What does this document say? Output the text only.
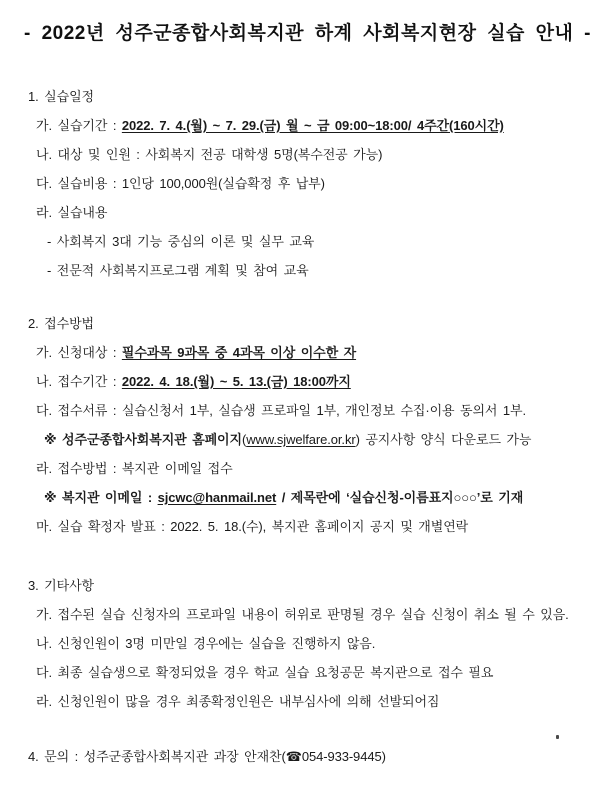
- 2022년 성주군종합사회복지관 하계 사회복지현장 실습 안내 -
1. 실습일정
가. 실습기간 : 2022. 7. 4.(월) ~ 7. 29.(금) 월 ~ 금 09:00~18:00/ 4주간(160시간)
나. 대상 및 인원 : 사회복지 전공 대학생 5명(복수전공 가능)
다. 실습비용 : 1인당 100,000원(실습확정 후 납부)
라. 실습내용
- 사회복지 3대 기능 중심의 이론 및 실무 교육
- 전문적 사회복지프로그램 계획 및 참여 교육
2. 접수방법
가. 신청대상 : 필수과목 9과목 중 4과목 이상 이수한 자
나. 접수기간 : 2022. 4. 18.(월) ~ 5. 13.(금) 18:00까지
다. 접수서류 : 실습신청서 1부, 실습생 프로파일 1부, 개인정보 수집·이용 동의서 1부.
※ 성주군종합사회복지관 홈페이지(www.sjwelfare.or.kr) 공지사항 양식 다운로드 가능
라. 접수방법 : 복지관 이메일 접수
※ 복지관 이메일 : sjcwc@hanmail.net / 제목란에 ‘실습신청-이름표지○○○’로 기재
마. 실습 확정자 발표 : 2022. 5. 18.(수), 복지관 홈페이지 공지 및 개별연락
3. 기타사항
가. 접수된 실습 신청자의 프로파일 내용이 허위로 판명될 경우 실습 신청이 취소 될 수 있음.
나. 신청인원이 3명 미만일 경우에는 실습을 진행하지 않음.
다. 최종 실습생으로 확정되었을 경우 학교 실습 요청공문 복지관으로 접수 필요
라. 신청인원이 많을 경우 최종확정인원은 내부심사에 의해 선발되어짐
4. 문의 : 성주군종합사회복지관 과장 안재찬(☎054-933-9445)
